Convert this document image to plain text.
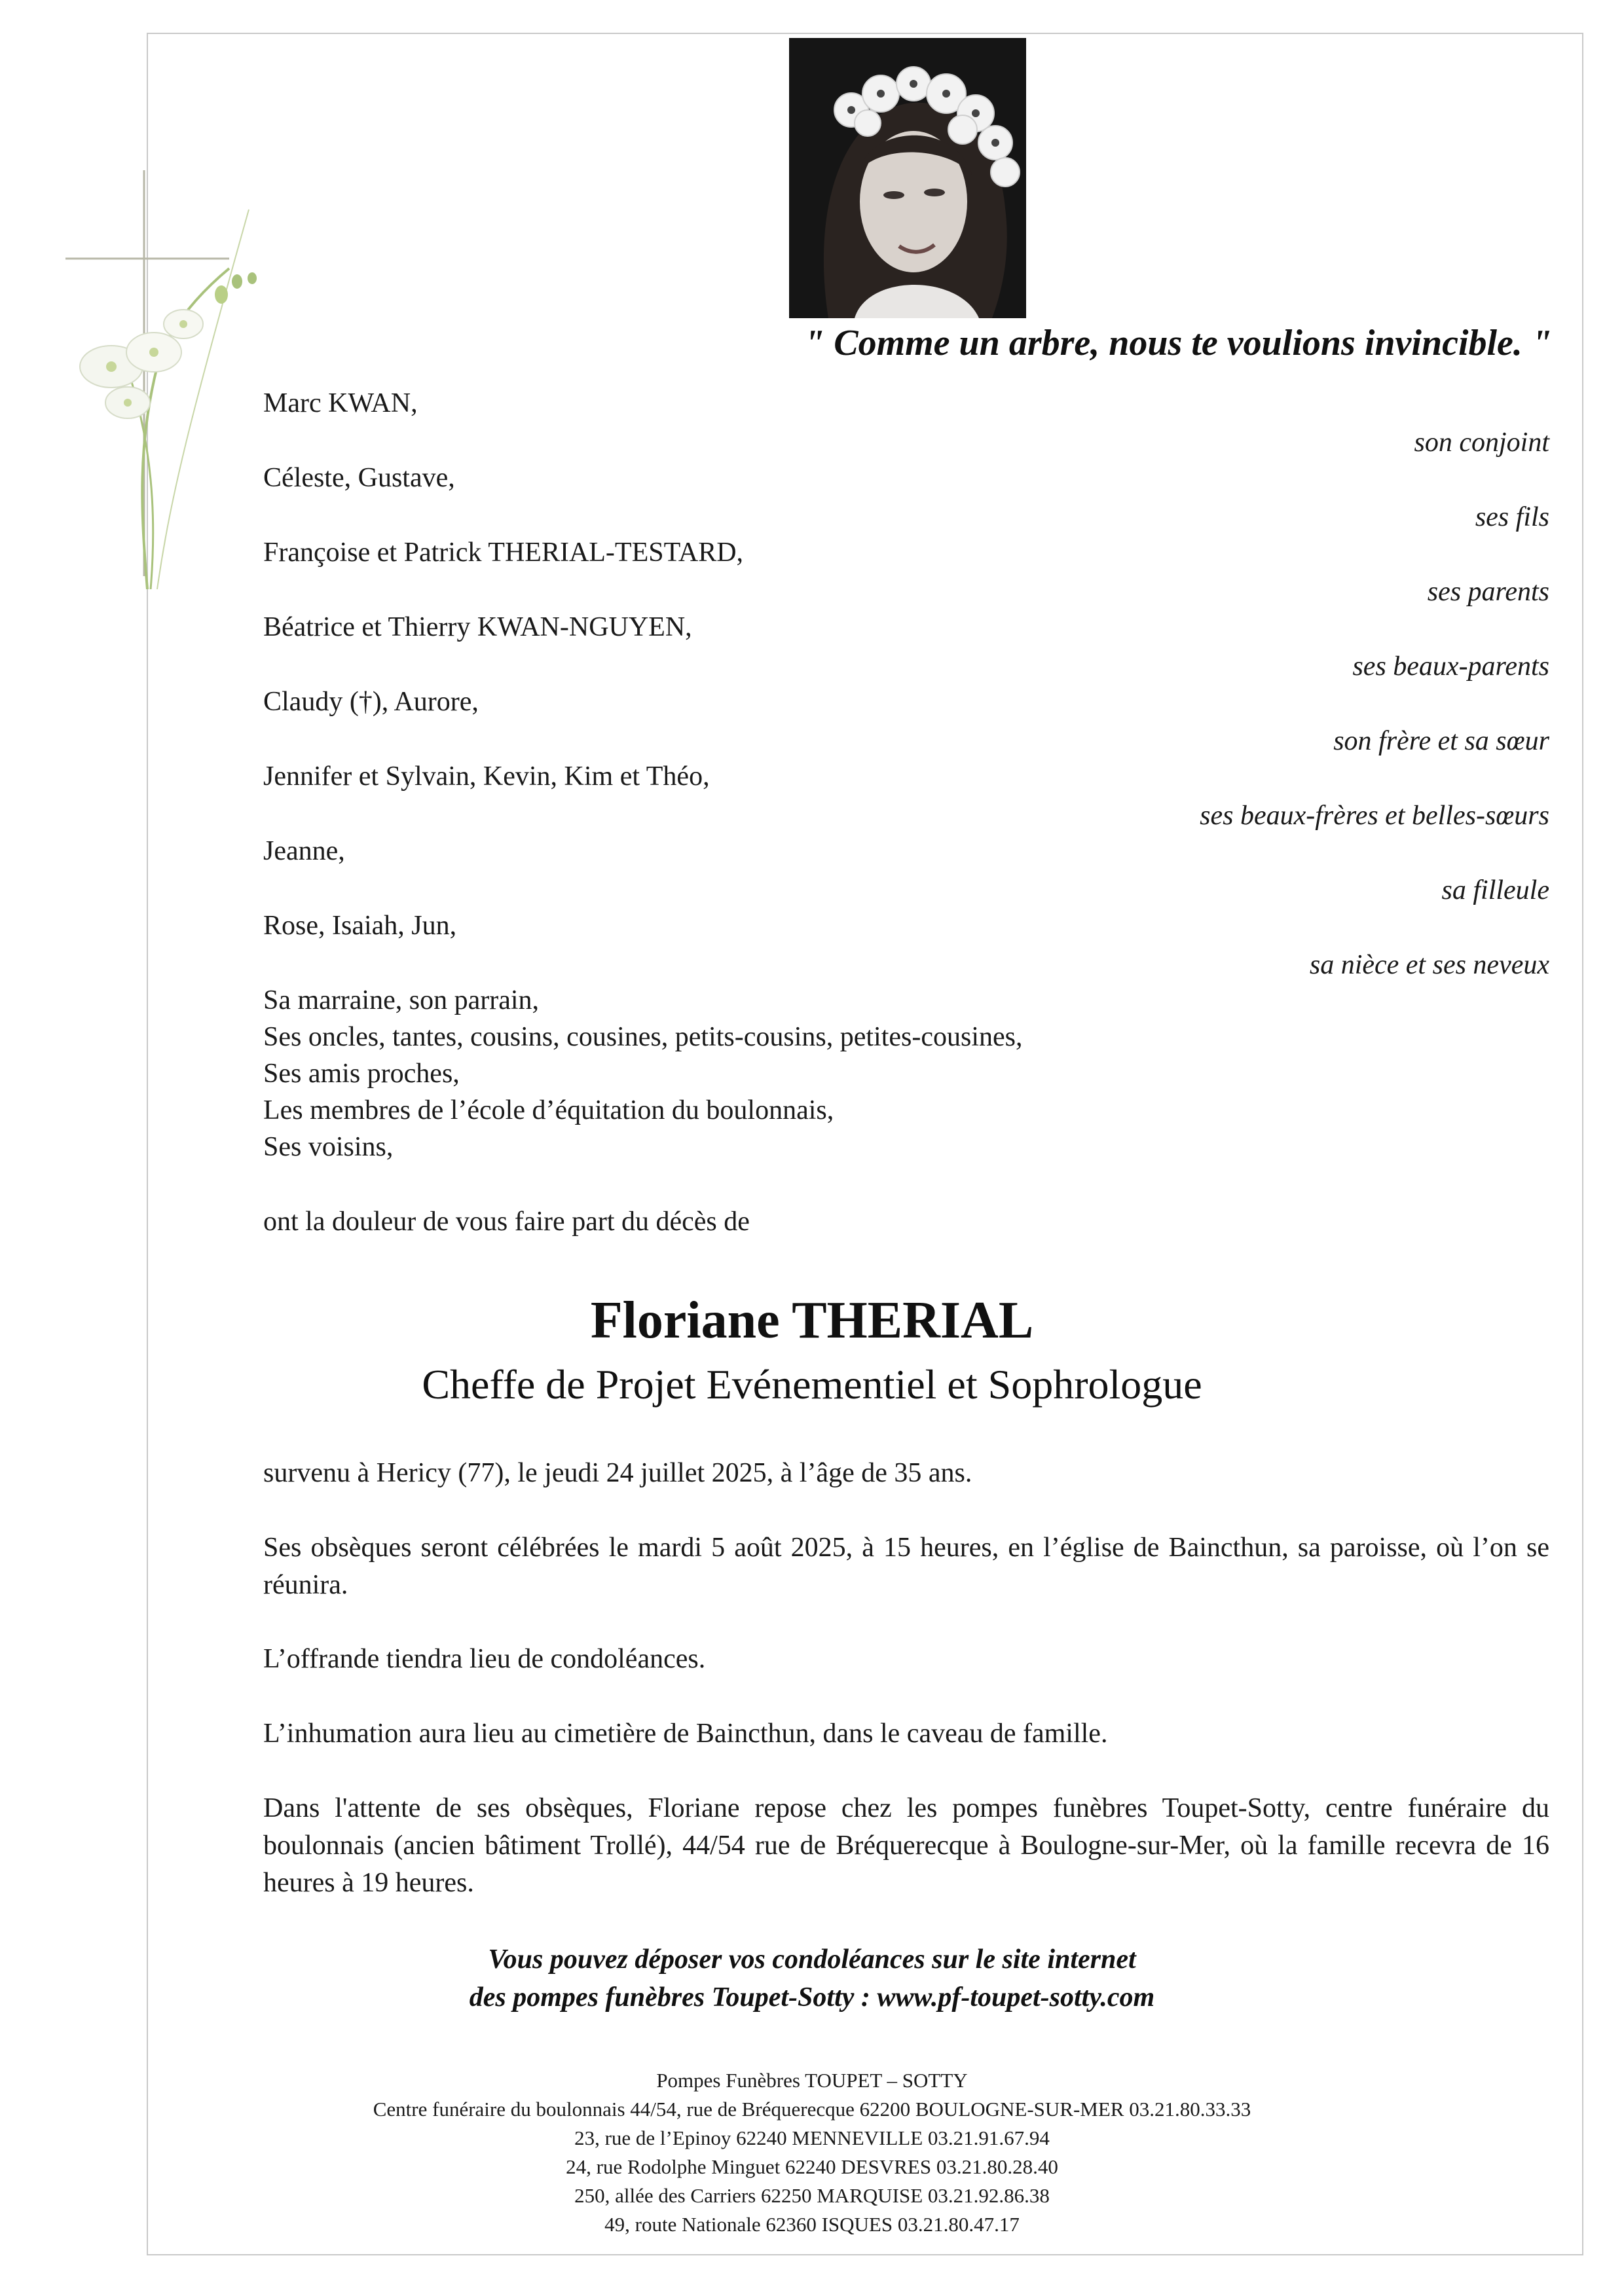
" Comme un arbre, nous te voulions invincible. "
Marc KWAN,
son conjoint
Céleste, Gustave,
ses fils
Françoise et Patrick THERIAL-TESTARD,
ses parents
Béatrice et Thierry KWAN-NGUYEN,
ses beaux-parents
Claudy (†), Aurore,
son frère et sa sœur
Jennifer et Sylvain, Kevin, Kim et Théo,
ses beaux-frères et belles-sœurs
Jeanne,
sa filleule
Rose, Isaiah, Jun,
sa nièce et ses neveux
Sa marraine, son parrain,
Ses oncles, tantes, cousins, cousines, petits-cousins, petites-cousines,
Ses amis proches,
Les membres de l’école d’équitation du boulonnais,
Ses voisins,
ont la douleur de vous faire part du décès de
Floriane THERIAL
Cheffe de Projet Evénementiel et Sophrologue
survenu à Hericy (77), le jeudi 24 juillet 2025, à l’âge de 35 ans.
Ses obsèques seront célébrées le mardi 5 août 2025, à 15 heures, en l’église de Baincthun, sa paroisse, où l’on se réunira.
L’offrande tiendra lieu de condoléances.
L’inhumation aura lieu au cimetière de Baincthun, dans le caveau de famille.
Dans l'attente de ses obsèques, Floriane repose chez les pompes funèbres Toupet-Sotty, centre funéraire du boulonnais (ancien bâtiment Trollé), 44/54 rue de Bréquerecque à Boulogne-sur-Mer, où la famille recevra de 16 heures à 19 heures.
Vous pouvez déposer vos condoléances sur le site internet
des pompes funèbres Toupet-Sotty : www.pf-toupet-sotty.com
Pompes Funèbres TOUPET – SOTTY
Centre funéraire du boulonnais 44/54, rue de Bréquerecque 62200 BOULOGNE-SUR-MER 03.21.80.33.33
23, rue de l’Epinoy 62240 MENNEVILLE 03.21.91.67.94
24, rue Rodolphe Minguet 62240 DESVRES 03.21.80.28.40
250, allée des Carriers 62250 MARQUISE 03.21.92.86.38
49, route Nationale 62360 ISQUES 03.21.80.47.17
